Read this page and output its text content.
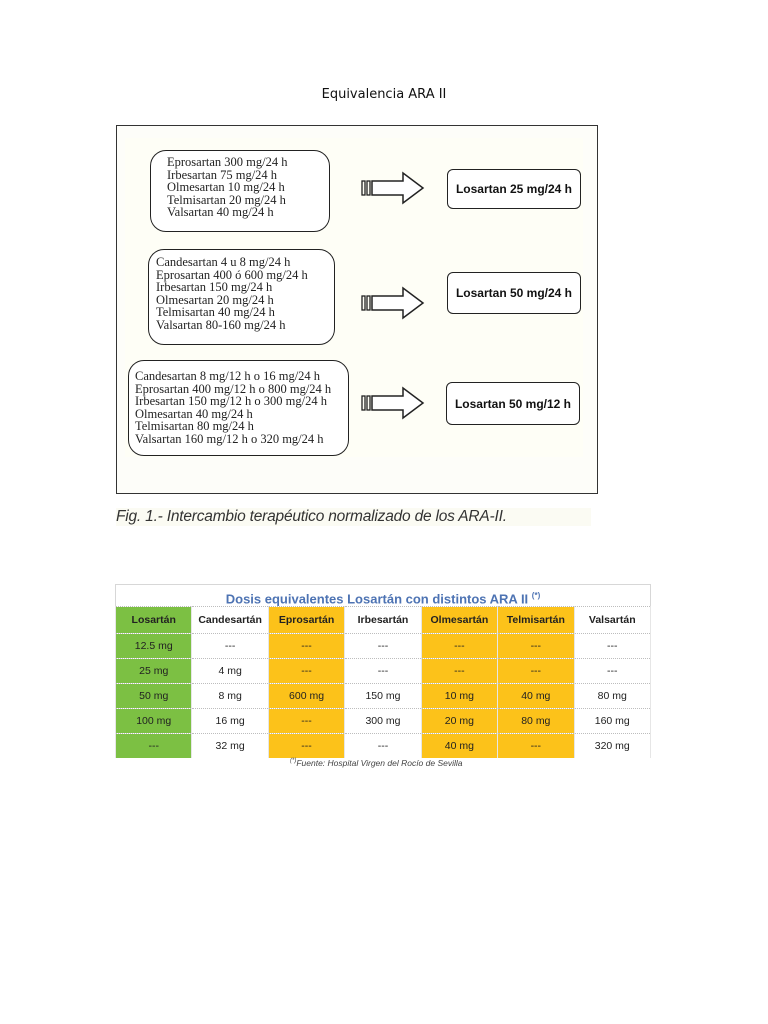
Equivalencia ARA II
Eprosartan 300 mg/24 h
Irbesartan 75 mg/24 h
Olmesartan 10 mg/24 h
Telmisartan 20 mg/24 h
Valsartan 40 mg/24 h
Losartan 25 mg/24 h
Candesartan 4 u 8 mg/24 h
Eprosartan 400 ó 600 mg/24 h
Irbesartan 150 mg/24 h
Olmesartan 20 mg/24 h
Telmisartan 40 mg/24 h
Valsartan 80-160 mg/24 h
Losartan 50 mg/24 h
Candesartan 8 mg/12 h o 16 mg/24 h
Eprosartan 400 mg/12 h o 800 mg/24 h
Irbesartan 150 mg/12 h o 300 mg/24 h
Olmesartan 40 mg/24 h
Telmisartan 80 mg/24 h
Valsartan 160 mg/12 h o 320 mg/24 h
Losartan 50 mg/12 h
Fig. 1.- Intercambio terapéutico normalizado de los ARA-II.
Dosis equivalentes Losartán con distintos ARA II (*)
Losartán	Candesartán	Eprosartán	Irbesartán	Olmesartán	Telmisartán	Valsartán
12.5 mg	---	---	---	---	---	---
25 mg	4 mg	---	---	---	---	---
50 mg	8 mg	600 mg	150 mg	10 mg	40 mg	80 mg
100 mg	16 mg	---	300 mg	20 mg	80 mg	160 mg
---	32 mg	---	---	40 mg	---	320 mg
(*)Fuente: Hospital Virgen del Rocío de Sevilla
